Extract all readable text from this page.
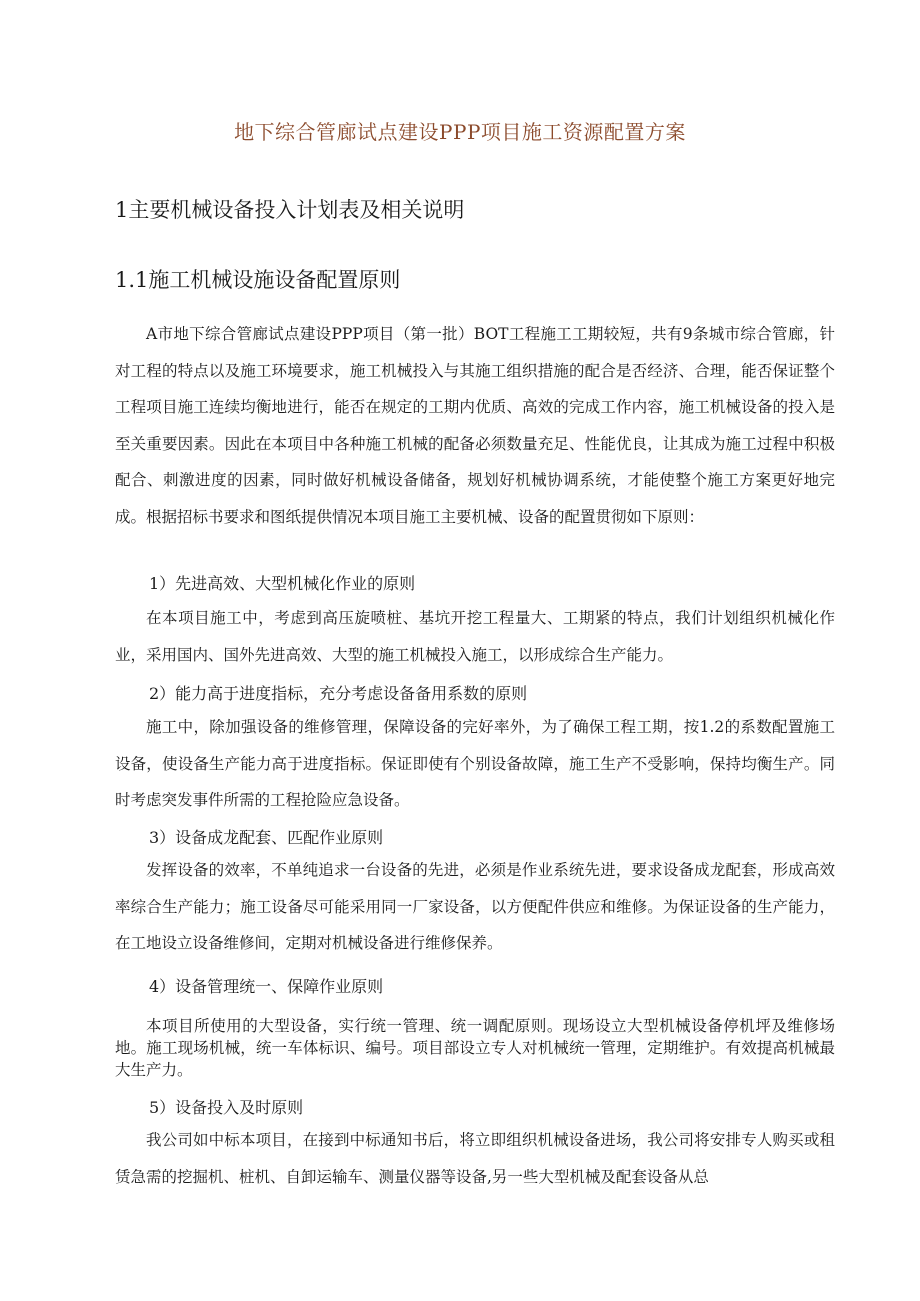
地下综合管廊试点建设PPP项目施工资源配置方案
1主要机械设备投入计划表及相关说明
1.1施工机械设施设备配置原则
A市地下综合管廊试点建设PPP项目（第一批）BOT工程施工工期较短，共有9条城市综合管廊，针对工程的特点以及施工环境要求，施工机械投入与其施工组织措施的配合是否经济、合理，能否保证整个工程项目施工连续均衡地进行，能否在规定的工期内优质、高效的完成工作内容，施工机械设备的投入是至关重要因素。因此在本项目中各种施工机械的配备必须数量充足、性能优良，让其成为施工过程中积极配合、刺激进度的因素，同时做好机械设备储备，规划好机械协调系统，才能使整个施工方案更好地完成。根据招标书要求和图纸提供情况本项目施工主要机械、设备的配置贯彻如下原则：
1）先进高效、大型机械化作业的原则
在本项目施工中，考虑到高压旋喷桩、基坑开挖工程量大、工期紧的特点，我们计划组织机械化作业，采用国内、国外先进高效、大型的施工机械投入施工，以形成综合生产能力。
2）能力高于进度指标，充分考虑设备备用系数的原则
施工中，除加强设备的维修管理，保障设备的完好率外，为了确保工程工期，按1.2的系数配置施工设备，使设备生产能力高于进度指标。保证即使有个别设备故障，施工生产不受影响，保持均衡生产。同时考虑突发事件所需的工程抢险应急设备。
3）设备成龙配套、匹配作业原则
发挥设备的效率，不单纯追求一台设备的先进，必须是作业系统先进，要求设备成龙配套，形成高效率综合生产能力；施工设备尽可能采用同一厂家设备，以方便配件供应和维修。为保证设备的生产能力，在工地设立设备维修间，定期对机械设备进行维修保养。
4）设备管理统一、保障作业原则
本项目所使用的大型设备，实行统一管理、统一调配原则。现场设立大型机械设备停机坪及维修场地。施工现场机械，统一车体标识、编号。项目部设立专人对机械统一管理，定期维护。有效提高机械最大生产力。
5）设备投入及时原则
我公司如中标本项目，在接到中标通知书后，将立即组织机械设备进场，我公司将安排专人购买或租赁急需的挖掘机、桩机、自卸运输车、测量仪器等设备,另一些大型机械及配套设备从总
